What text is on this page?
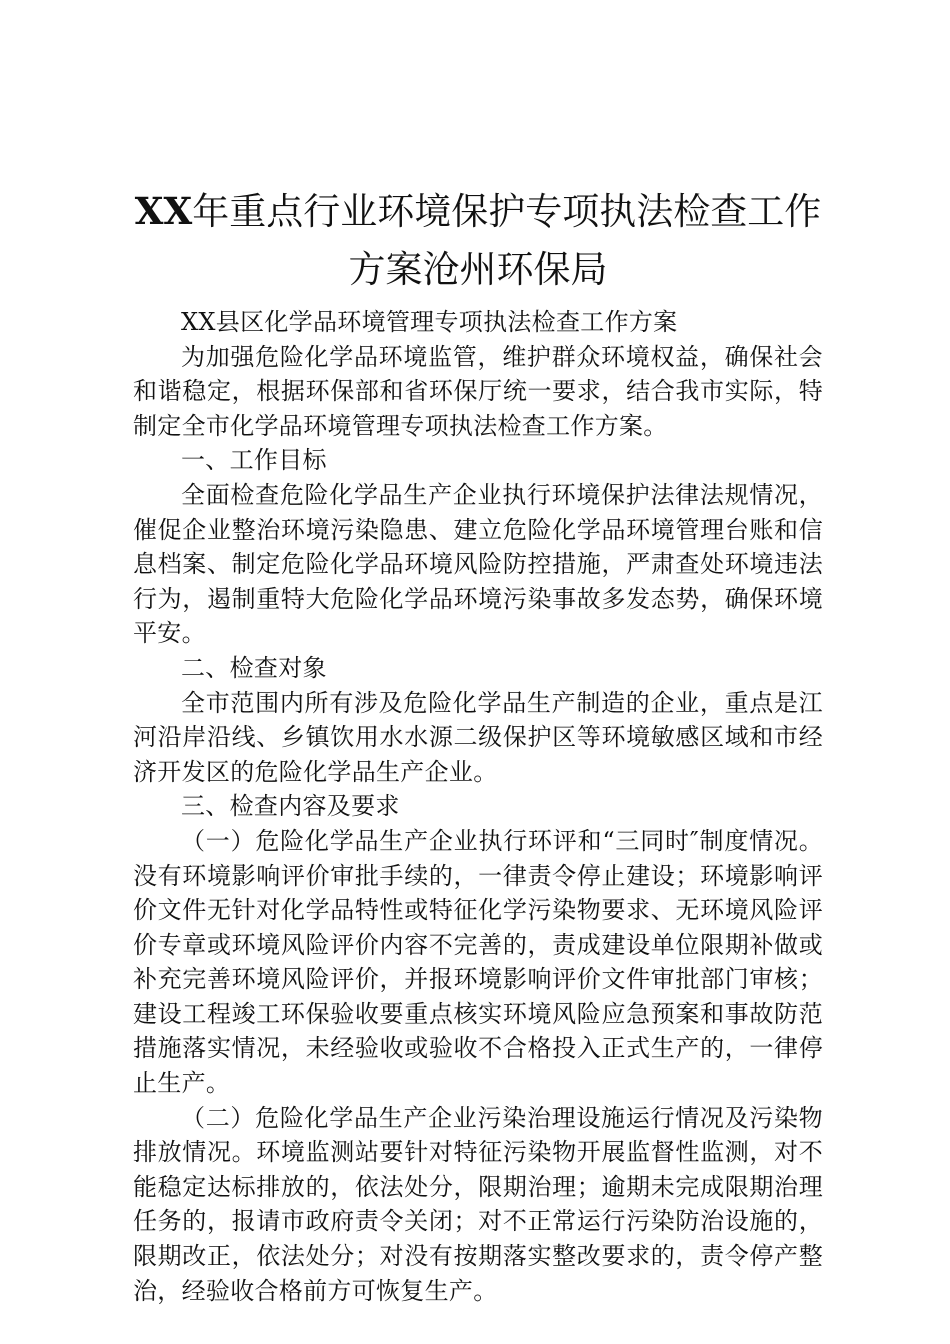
XX年重点行业环境保护专项执法检查工作方案沧州环保局

XX县区化学品环境管理专项执法检查工作方案

为加强危险化学品环境监管，维护群众环境权益，确保社会和谐稳定，根据环保部和省环保厅统一要求，结合我市实际，特制定全市化学品环境管理专项执法检查工作方案。

一、工作目标

全面检查危险化学品生产企业执行环境保护法律法规情况，催促企业整治环境污染隐患、建立危险化学品环境管理台账和信息档案、制定危险化学品环境风险防控措施，严肃查处环境违法行为，遏制重特大危险化学品环境污染事故多发态势，确保环境平安。

二、检查对象

全市范围内所有涉及危险化学品生产制造的企业，重点是江河沿岸沿线、乡镇饮用水水源二级保护区等环境敏感区域和市经济开发区的危险化学品生产企业。

三、检查内容及要求

（一）危险化学品生产企业执行环评和“三同时″制度情况。没有环境影响评价审批手续的，一律责令停止建设；环境影响评价文件无针对化学品特性或特征化学污染物要求、无环境风险评价专章或环境风险评价内容不完善的，责成建设单位限期补做或补充完善环境风险评价，并报环境影响评价文件审批部门审核；建设工程竣工环保验收要重点核实环境风险应急预案和事故防范措施落实情况，未经验收或验收不合格投入正式生产的，一律停止生产。

（二）危险化学品生产企业污染治理设施运行情况及污染物排放情况。环境监测站要针对特征污染物开展监督性监测，对不能稳定达标排放的，依法处分，限期治理；逾期未完成限期治理任务的，报请市政府责令关闭；对不正常运行污染防治设施的，限期改正，依法处分；对没有按期落实整改要求的，责令停产整治，经验收合格前方可恢复生产。
